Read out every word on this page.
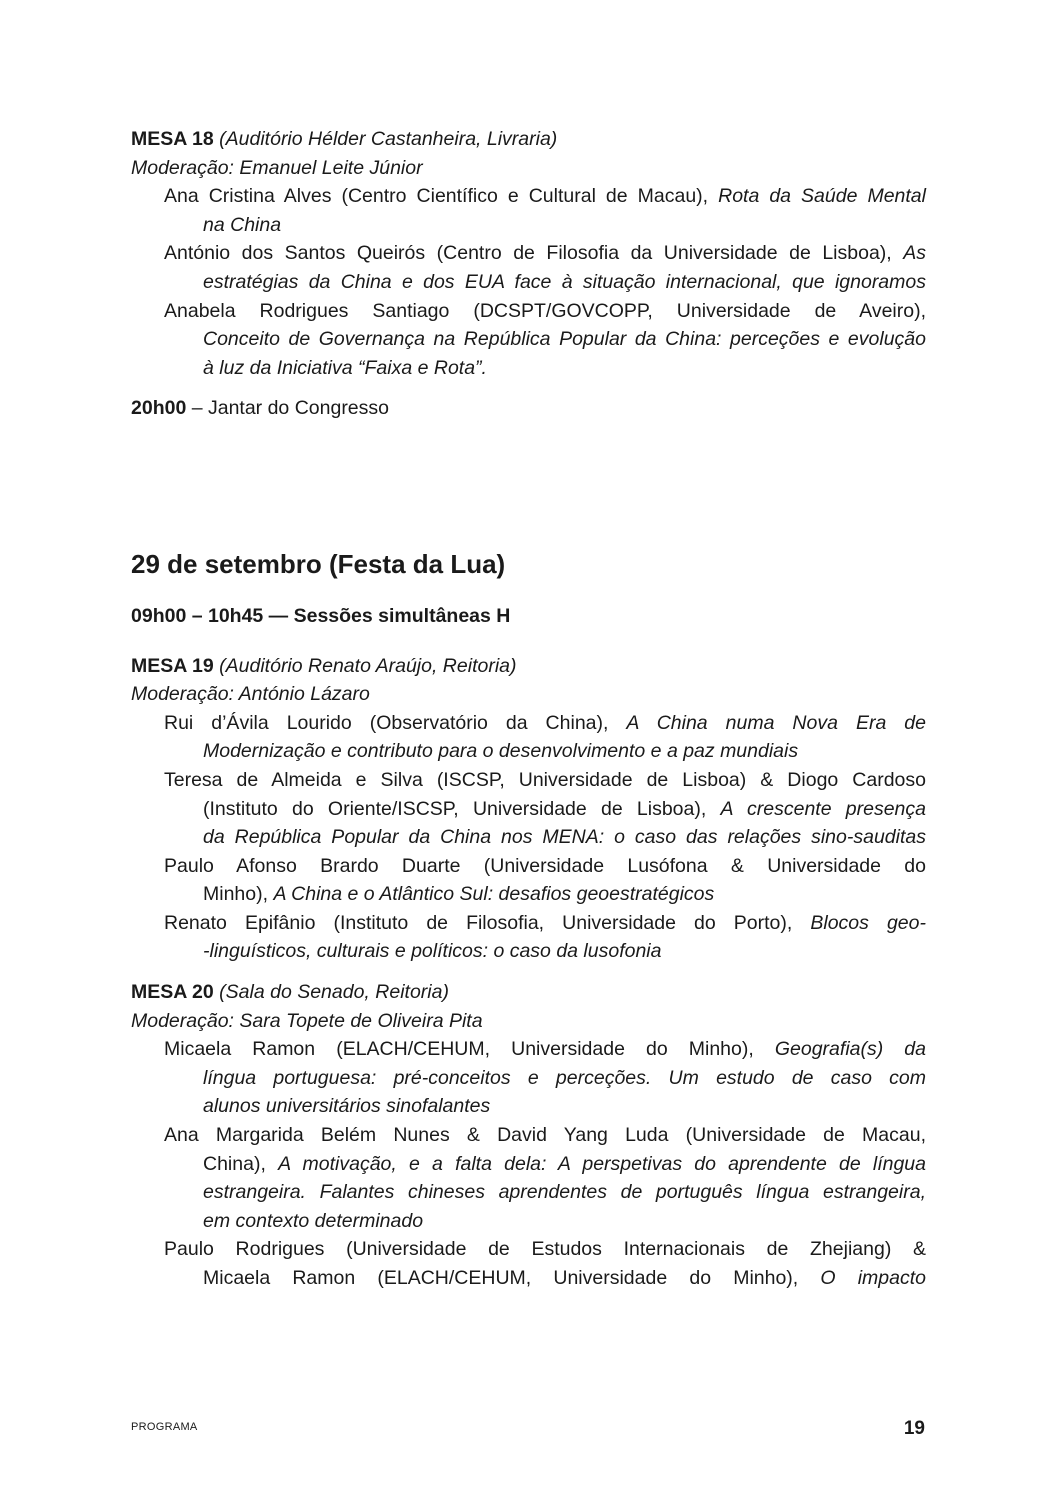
MESA 18 (Auditório Hélder Castanheira, Livraria)
Moderação: Emanuel Leite Júnior
Ana Cristina Alves (Centro Científico e Cultural de Macau), Rota da Saúde Mental
na China
António dos Santos Queirós (Centro de Filosofia da Universidade de Lisboa), As
estratégias da China e dos EUA face à situação internacional, que ignoramos
Anabela Rodrigues Santiago (DCSPT/GOVCOPP, Universidade de Aveiro),
Conceito de Governança na República Popular da China: perceções e evolução
à luz da Iniciativa “Faixa e Rota”.
20h00 – Jantar do Congresso
29 de setembro (Festa da Lua)
09h00 – 10h45 — Sessões simultâneas H
MESA 19 (Auditório Renato Araújo, Reitoria)
Moderação: António Lázaro
Rui d’Ávila Lourido (Observatório da China), A China numa Nova Era de
Modernização e contributo para o desenvolvimento e a paz mundiais
Teresa de Almeida e Silva (ISCSP, Universidade de Lisboa) & Diogo Cardoso
(Instituto do Oriente/ISCSP, Universidade de Lisboa), A crescente presença
da República Popular da China nos MENA: o caso das relações sino-sauditas
Paulo Afonso Brardo Duarte (Universidade Lusófona & Universidade do
Minho), A China e o Atlântico Sul: desafios geoestratégicos
Renato Epifânio (Instituto de Filosofia, Universidade do Porto), Blocos geo-
-linguísticos, culturais e políticos: o caso da lusofonia
MESA 20 (Sala do Senado, Reitoria)
Moderação: Sara Topete de Oliveira Pita
Micaela Ramon (ELACH/CEHUM, Universidade do Minho), Geografia(s) da
língua portuguesa: pré-conceitos e perceções. Um estudo de caso com
alunos universitários sinofalantes
Ana Margarida Belém Nunes & David Yang Luda (Universidade de Macau,
China), A motivação, e a falta dela: A perspetivas do aprendente de língua
estrangeira. Falantes chineses aprendentes de português língua estrangeira,
em contexto determinado
Paulo Rodrigues (Universidade de Estudos Internacionais de Zhejiang) &
Micaela Ramon (ELACH/CEHUM, Universidade do Minho), O impacto
PROGRAMA	19
